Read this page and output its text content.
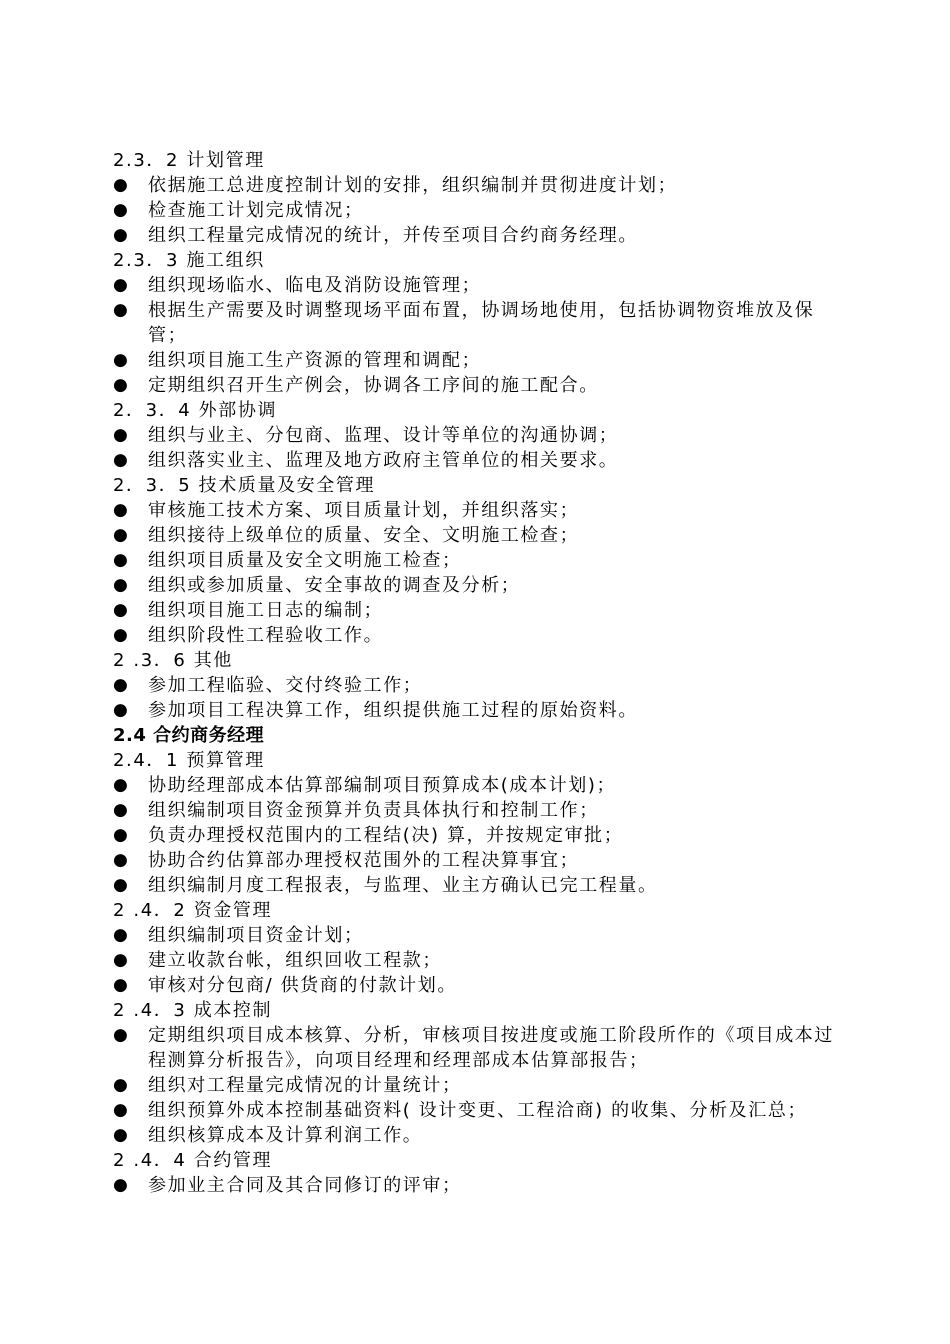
2.3．2 计划管理
●	依据施工总进度控制计划的安排，组织编制并贯彻进度计划；
●	检查施工计划完成情况；
●	组织工程量完成情况的统计，并传至项目合约商务经理。
2.3．3 施工组织
●	组织现场临水、临电及消防设施管理；
●	根据生产需要及时调整现场平面布置，协调场地使用，包括协调物资堆放及保管；
●	组织项目施工生产资源的管理和调配；
●	定期组织召开生产例会，协调各工序间的施工配合。
2．3．4 外部协调
●	组织与业主、分包商、监理、设计等单位的沟通协调；
●	组织落实业主、监理及地方政府主管单位的相关要求。
2．3．5 技术质量及安全管理
●	审核施工技术方案、项目质量计划，并组织落实；
●	组织接待上级单位的质量、安全、文明施工检查；
●	组织项目质量及安全文明施工检查；
●	组织或参加质量、安全事故的调查及分析；
●	组织项目施工日志的编制；
●	组织阶段性工程验收工作。
2 .3．6 其他
●	参加工程临验、交付终验工作；
●	参加项目工程决算工作，组织提供施工过程的原始资料。
2.4 合约商务经理
2.4．1 预算管理
●	协助经理部成本估算部编制项目预算成本(成本计划)；
●	组织编制项目资金预算并负责具体执行和控制工作；
●	负责办理授权范围内的工程结(决) 算，并按规定审批；
●	协助合约估算部办理授权范围外的工程决算事宜；
●	组织编制月度工程报表，与监理、业主方确认已完工程量。
2 .4．2 资金管理
●	组织编制项目资金计划；
●	建立收款台帐，组织回收工程款；
●	审核对分包商/ 供货商的付款计划。
2 .4．3 成本控制
●	定期组织项目成本核算、分析，审核项目按进度或施工阶段所作的《项目成本过程测算分析报告》，向项目经理和经理部成本估算部报告；
●	组织对工程量完成情况的计量统计；
●	组织预算外成本控制基础资料( 设计变更、工程洽商) 的收集、分析及汇总；
●	组织核算成本及计算利润工作。
2 .4．4 合约管理
●	参加业主合同及其合同修订的评审；
